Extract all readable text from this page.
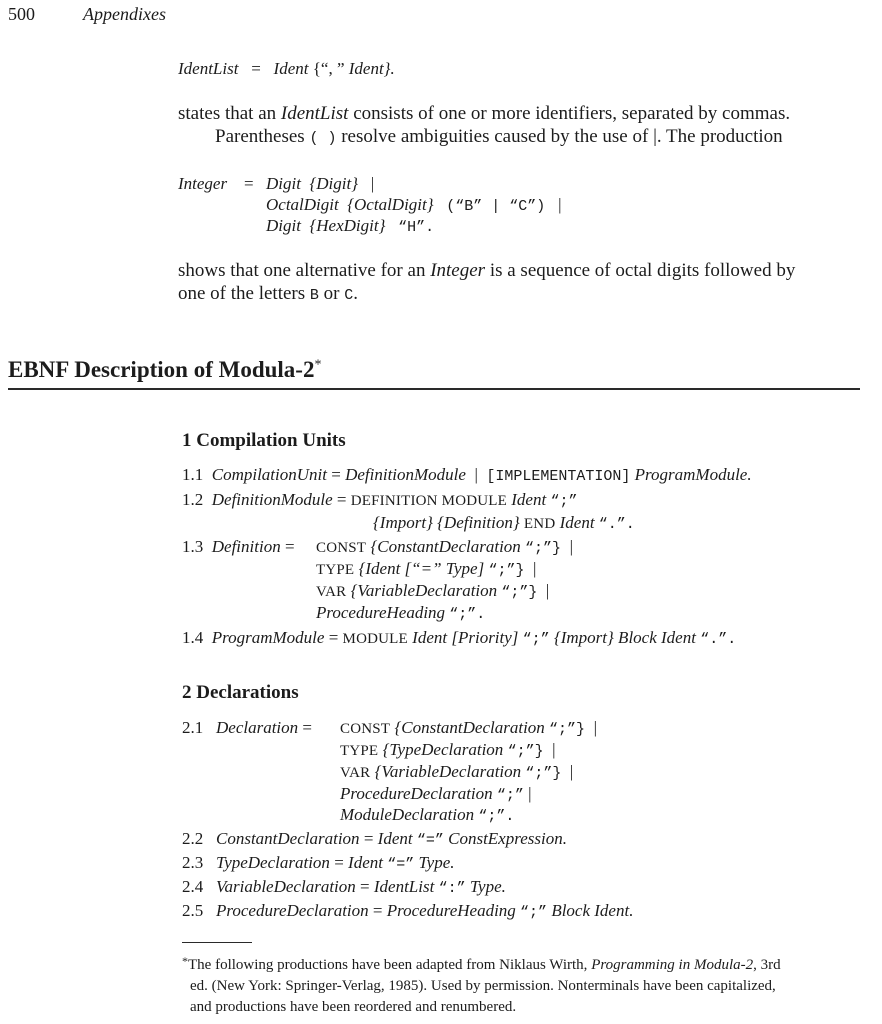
500	Appendixes
IdentList = Ident {“, ” Ident}.
states that an IdentList consists of one or more identifiers, separated by commas.
Parentheses ( ) resolve ambiguities caused by the use of |. The production
Integer = Digit {Digit} |
OctalDigit {OctalDigit} (“B” | “C”) |
Digit {HexDigit} “H”.
shows that one alternative for an Integer is a sequence of octal digits followed by
one of the letters B or C.
EBNF Description of Modula-2*
1 Compilation Units
1.1 CompilationUnit = DefinitionModule | [IMPLEMENTATION] ProgramModule.
1.2 DefinitionModule = DEFINITION MODULE Ident “;”
{Import} {Definition} END Ident “.”.
1.3 Definition = CONST {ConstantDeclaration “;”} |
TYPE {Ident [“=” Type] “;”} |
VAR {VariableDeclaration “;”} |
ProcedureHeading “;”.
1.4 ProgramModule = MODULE Ident [Priority] “;” {Import} Block Ident “.”.
2 Declarations
2.1 Declaration = CONST {ConstantDeclaration “;”} |
TYPE {TypeDeclaration “;”} |
VAR {VariableDeclaration “;”} |
ProcedureDeclaration “;” |
ModuleDeclaration “;”.
2.2 ConstantDeclaration = Ident “=” ConstExpression.
2.3 TypeDeclaration = Ident “=” Type.
2.4 VariableDeclaration = IdentList “:” Type.
2.5 ProcedureDeclaration = ProcedureHeading “;” Block Ident.
*The following productions have been adapted from Niklaus Wirth, Programming in Modula-2, 3rd
ed. (New York: Springer-Verlag, 1985). Used by permission. Nonterminals have been capitalized,
and productions have been reordered and renumbered.
